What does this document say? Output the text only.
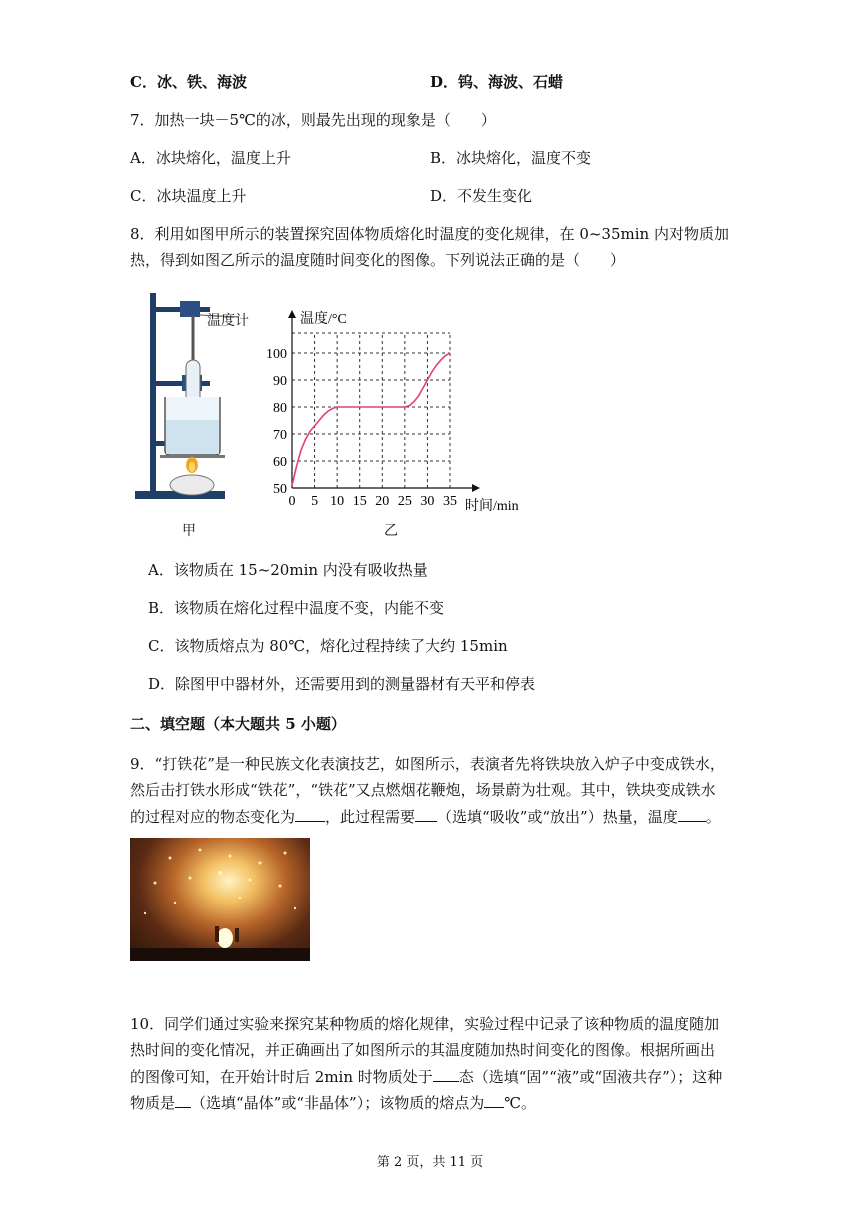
C．冰、铁、海波	D．钨、海波、石蜡
7．加热一块－5℃的冰，则最先出现的现象是（　　）
A．冰块熔化，温度上升	B．冰块熔化，温度不变
C．冰块温度上升	D．不发生变化
8．利用如图甲所示的装置探究固体物质熔化时温度的变化规律，在 0~35min 内对物质加
热，得到如图乙所示的温度随时间变化的图像。下列说法正确的是（　　）
温度计
甲	乙
0 5 10 15 20 25 30 35
50
60
70
80
90
100
温度/°C
时间/min
A．该物质在 15~20min 内没有吸收热量
B．该物质在熔化过程中温度不变，内能不变
C．该物质熔点为 80℃，熔化过程持续了大约 15min
D．除图甲中器材外，还需要用到的测量器材有天平和停表
二、填空题（本大题共 5 小题）
9．“打铁花”是一种民族文化表演技艺，如图所示，表演者先将铁块放入炉子中变成铁水，
然后击打铁水形成“铁花”，“铁花”又点燃烟花鞭炮，场景蔚为壮观。其中，铁块变成铁水
的过程对应的物态变化为 ，此过程需要 （选填“吸收”或“放出”）热量，温度 。
10．同学们通过实验来探究某种物质的熔化规律，实验过程中记录了该种物质的温度随加
热时间的变化情况，并正确画出了如图所示的其温度随加热时间变化的图像。根据所画出
的图像可知，在开始计时后 2min 时物质处于 态（选填“固”“液”或“固液共存”）；这种
物质是 （选填“晶体”或“非晶体”）；该物质的熔点为 ℃。
第 2 页，共 11 页
